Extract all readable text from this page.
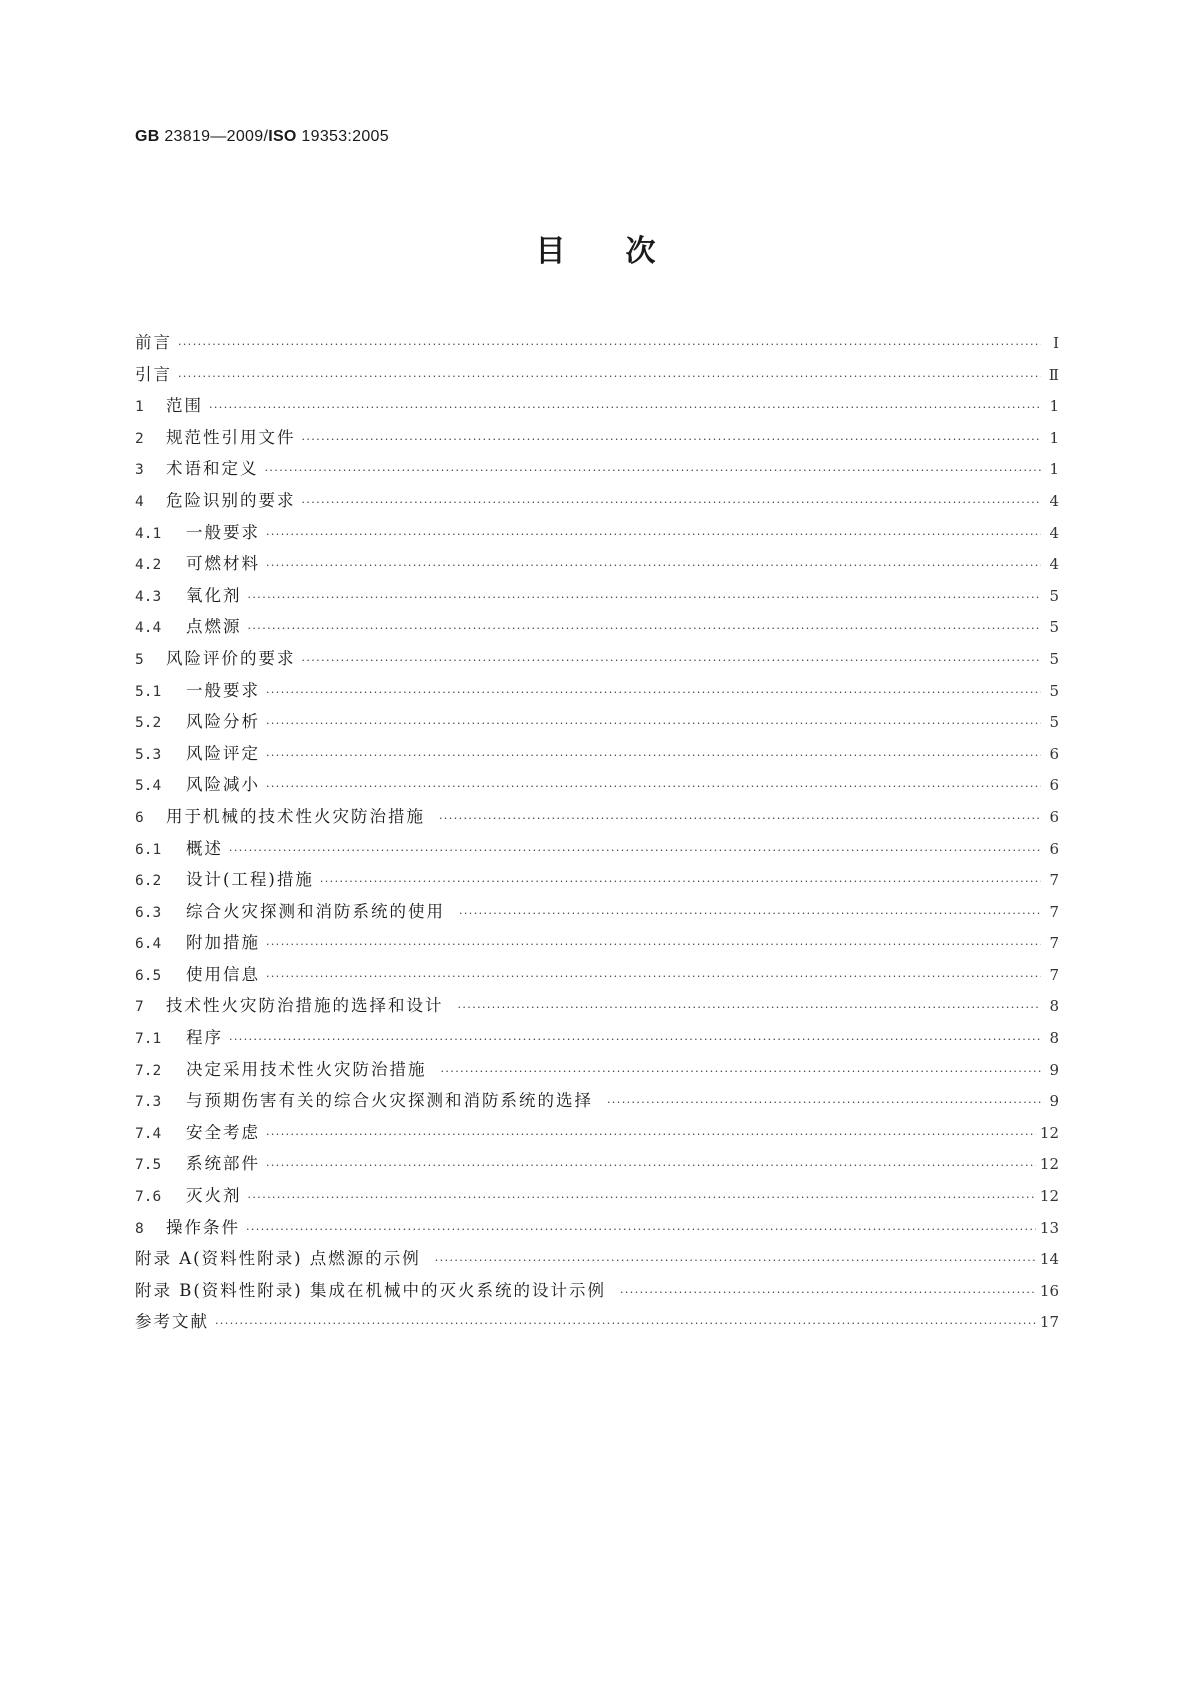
GB 23819—2009/ISO 19353:2005
目次
前言 ·····	Ⅰ
引言 ·····	Ⅱ
1	范围 ·····	1
2	规范性引用文件 ·····	1
3	术语和定义 ·····	1
4	危险识别的要求 ·····	4
4.1	一般要求 ·····	4
4.2	可燃材料 ·····	4
4.3	氧化剂 ·····	5
4.4	点燃源 ·····	5
5	风险评价的要求 ·····	5
5.1	一般要求 ·····	5
5.2	风险分析 ·····	5
5.3	风险评定 ·····	6
5.4	风险减小 ·····	6
6	用于机械的技术性火灾防治措施 ·····	6
6.1	概述 ·····	6
6.2	设计(工程)措施 ·····	7
6.3	综合火灾探测和消防系统的使用 ·····	7
6.4	附加措施 ·····	7
6.5	使用信息 ·····	7
7	技术性火灾防治措施的选择和设计 ·····	8
7.1	程序 ·····	8
7.2	决定采用技术性火灾防治措施 ·····	9
7.3	与预期伤害有关的综合火灾探测和消防系统的选择 ·····	9
7.4	安全考虑 ·····	12
7.5	系统部件 ·····	12
7.6	灭火剂 ·····	12
8	操作条件 ·····	13
附录 A(资料性附录) 点燃源的示例 ·····	14
附录 B(资料性附录) 集成在机械中的灭火系统的设计示例 ·····	16
参考文献 ·····	17
